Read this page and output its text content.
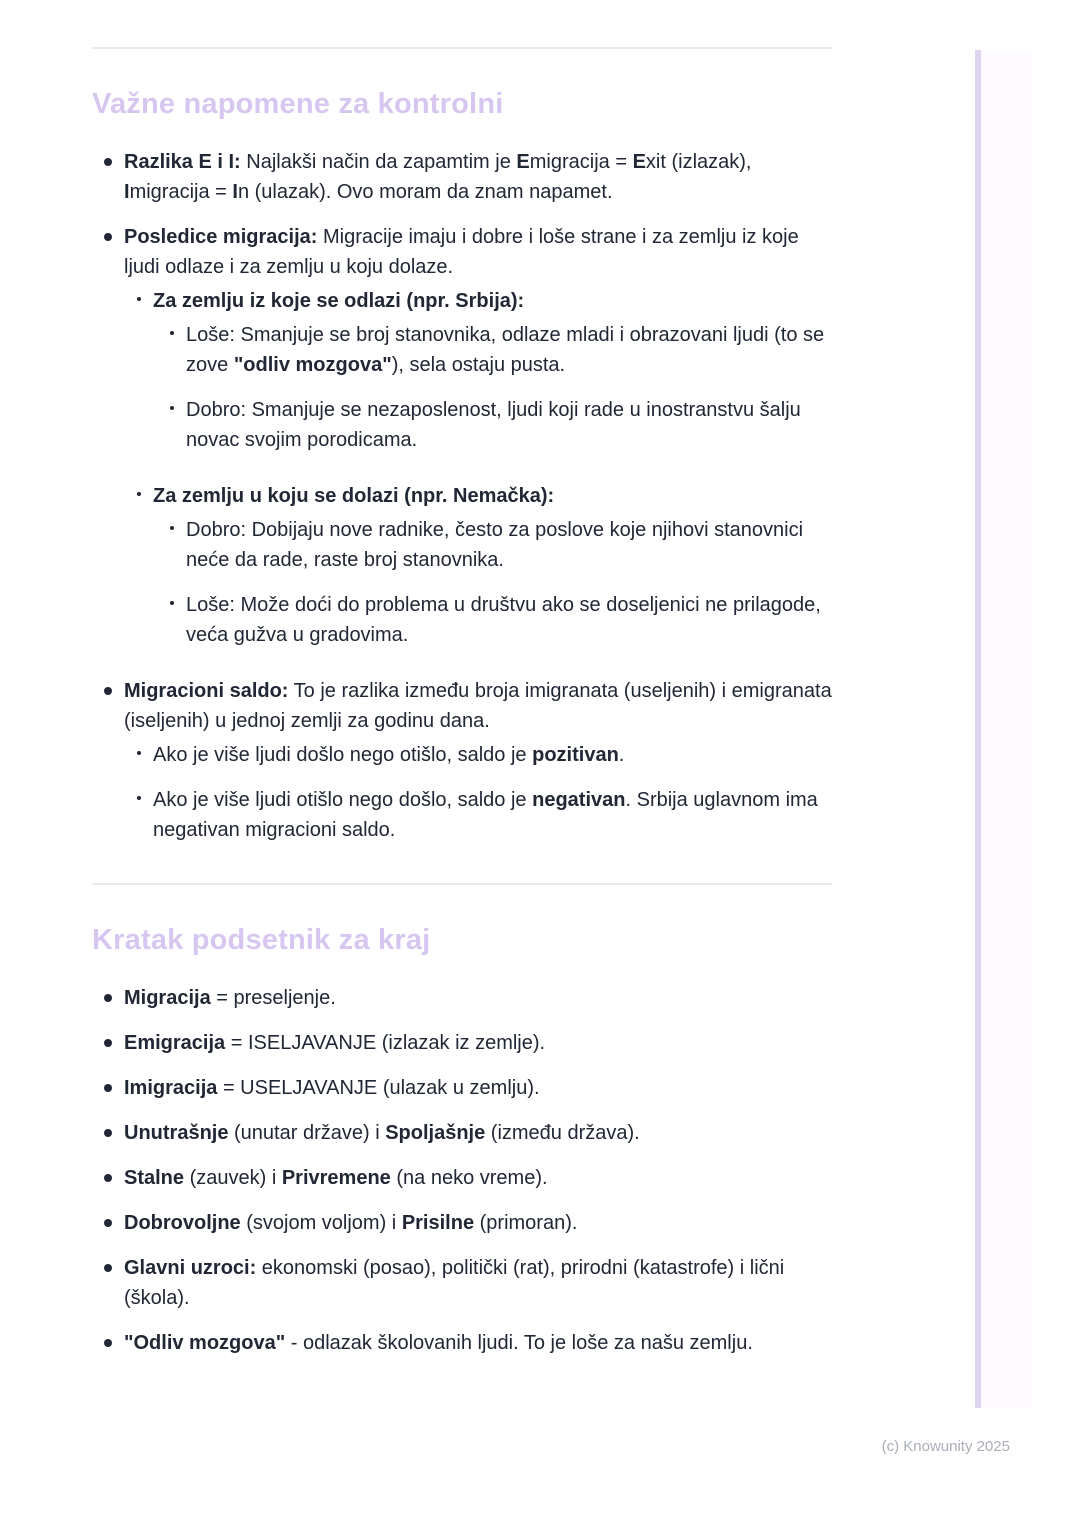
Važne napomene za kontrolni
Razlika E i I: Najlakši način da zapamtim je Emigracija = Exit (izlazak), Imigracija = In (ulazak). Ovo moram da znam napamet.
Posledice migracija: Migracije imaju i dobre i loše strane i za zemlju iz koje ljudi odlaze i za zemlju u koju dolaze.
Za zemlju iz koje se odlazi (npr. Srbija):
Loše: Smanjuje se broj stanovnika, odlaze mladi i obrazovani ljudi (to se zove "odliv mozgova"), sela ostaju pusta.
Dobro: Smanjuje se nezaposlenost, ljudi koji rade u inostranstvu šalju novac svojim porodicama.
Za zemlju u koju se dolazi (npr. Nemačka):
Dobro: Dobijaju nove radnike, često za poslove koje njihovi stanovnici neće da rade, raste broj stanovnika.
Loše: Može doći do problema u društvu ako se doseljenici ne prilagode, veća gužva u gradovima.
Migracioni saldo: To je razlika između broja imigranata (useljenih) i emigranata (iseljenih) u jednoj zemlji za godinu dana.
Ako je više ljudi došlo nego otišlo, saldo je pozitivan.
Ako je više ljudi otišlo nego došlo, saldo je negativan. Srbija uglavnom ima negativan migracioni saldo.
Kratak podsetnik za kraj
Migracija = preseljenje.
Emigracija = ISELJAVANJE (izlazak iz zemlje).
Imigracija = USELJAVANJE (ulazak u zemlju).
Unutrašnje (unutar države) i Spoljašnje (između država).
Stalne (zauvek) i Privremene (na neko vreme).
Dobrovoljne (svojom voljom) i Prisilne (primoran).
Glavni uzroci: ekonomski (posao), politički (rat), prirodni (katastrofe) i lični (škola).
"Odliv mozgova" - odlazak školovanih ljudi. To je loše za našu zemlju.
(c) Knowunity 2025
